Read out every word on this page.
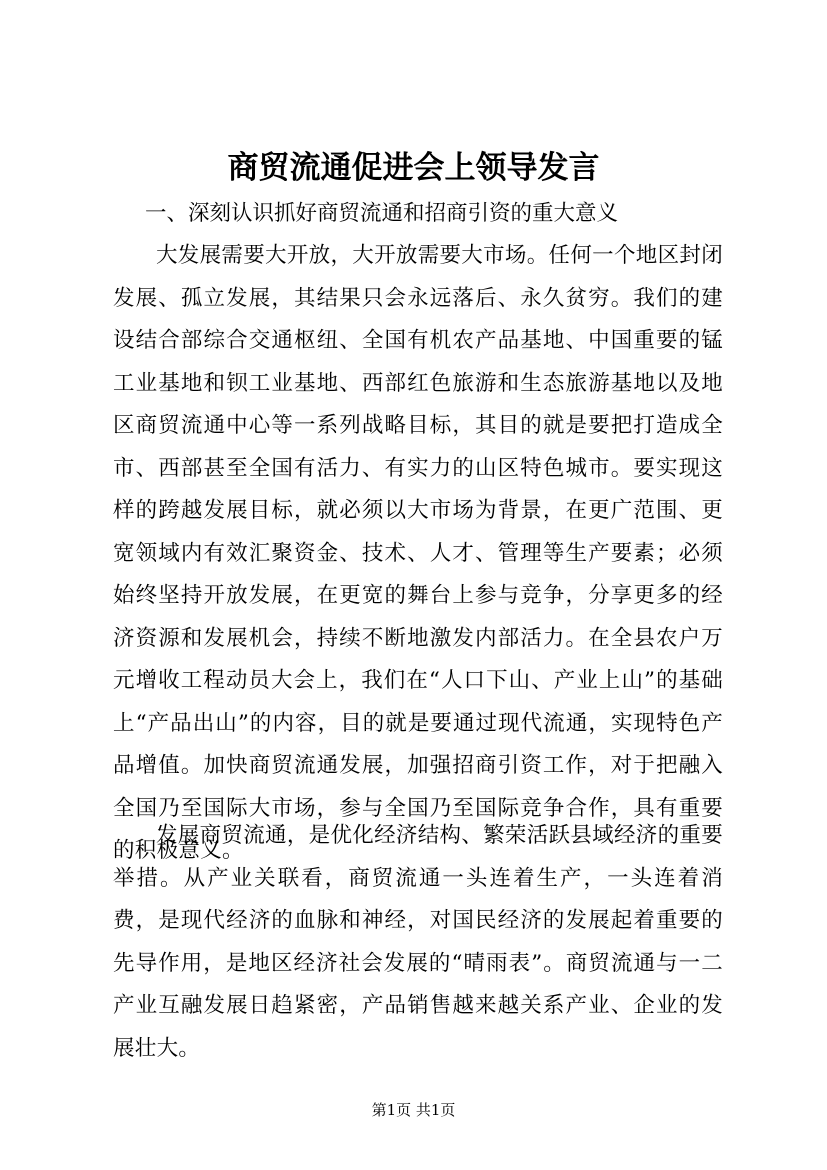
商贸流通促进会上领导发言

一、深刻认识抓好商贸流通和招商引资的重大意义

大发展需要大开放，大开放需要大市场。任何一个地区封闭发展、孤立发展，其结果只会永远落后、永久贫穷。我们的建设结合部综合交通枢纽、全国有机农产品基地、中国重要的锰工业基地和钡工业基地、西部红色旅游和生态旅游基地以及地区商贸流通中心等一系列战略目标，其目的就是要把打造成全市、西部甚至全国有活力、有实力的山区特色城市。要实现这样的跨越发展目标，就必须以大市场为背景，在更广范围、更宽领域内有效汇聚资金、技术、人才、管理等生产要素；必须始终坚持开放发展，在更宽的舞台上参与竞争，分享更多的经济资源和发展机会，持续不断地激发内部活力。在全县农户万元增收工程动员大会上，我们在“人口下山、产业上山”的基础上“产品出山”的内容，目的就是要通过现代流通，实现特色产品增值。加快商贸流通发展，加强招商引资工作，对于把融入全国乃至国际大市场，参与全国乃至国际竞争合作，具有重要的积极意义。

发展商贸流通，是优化经济结构、繁荣活跃县域经济的重要举措。从产业关联看，商贸流通一头连着生产，一头连着消费，是现代经济的血脉和神经，对国民经济的发展起着重要的先导作用，是地区经济社会发展的“晴雨表”。商贸流通与一二产业互融发展日趋紧密，产品销售越来越关系产业、企业的发展壮大。

第1页 共1页
